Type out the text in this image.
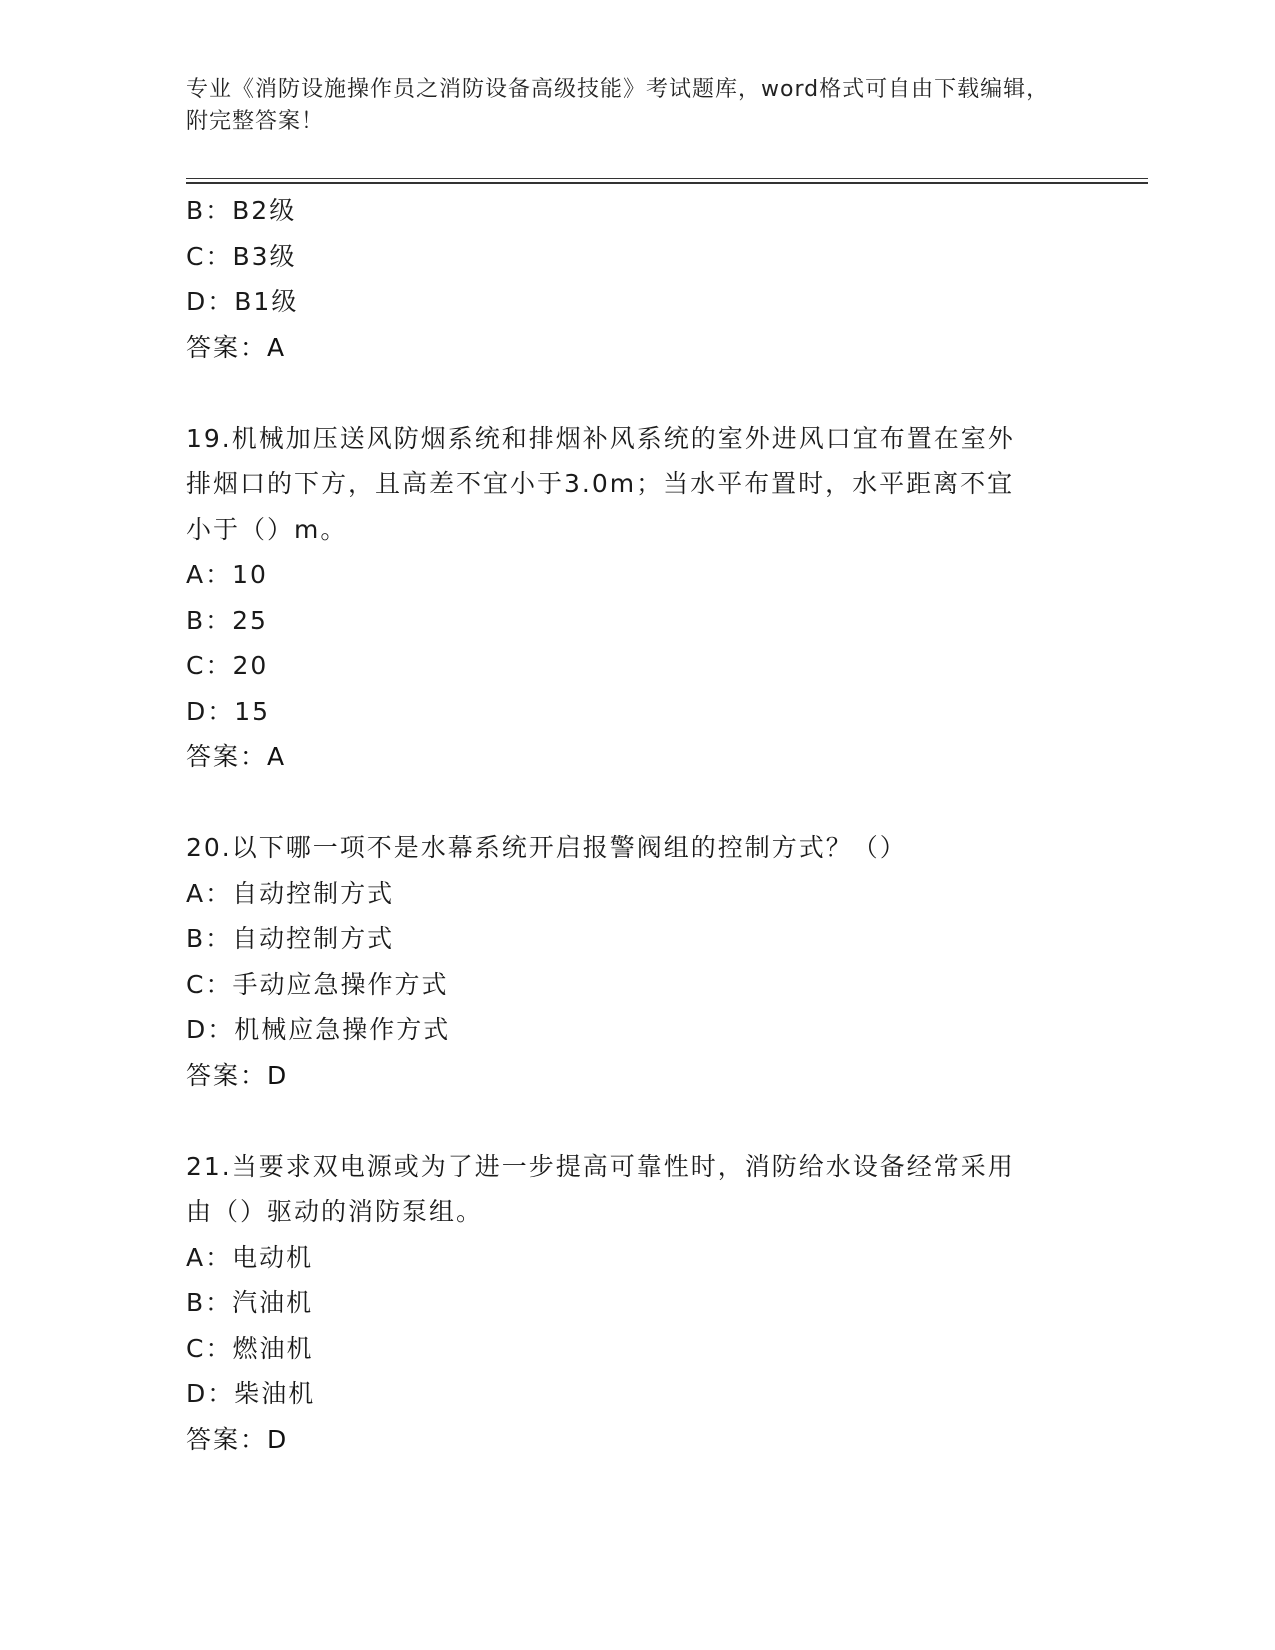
专业《消防设施操作员之消防设备高级技能》考试题库，word格式可自由下载编辑，附完整答案！
B：B2级
C：B3级
D：B1级
答案：A
19.机械加压送风防烟系统和排烟补风系统的室外进风口宜布置在室外
排烟口的下方，且高差不宜小于3.0m；当水平布置时，水平距离不宜
小于（）m。
A：10
B：25
C：20
D：15
答案：A
20.以下哪一项不是水幕系统开启报警阀组的控制方式？（）
A：自动控制方式
B：自动控制方式
C：手动应急操作方式
D：机械应急操作方式
答案：D
21.当要求双电源或为了进一步提高可靠性时，消防给水设备经常采用
由（）驱动的消防泵组。
A：电动机
B：汽油机
C：燃油机
D：柴油机
答案：D
